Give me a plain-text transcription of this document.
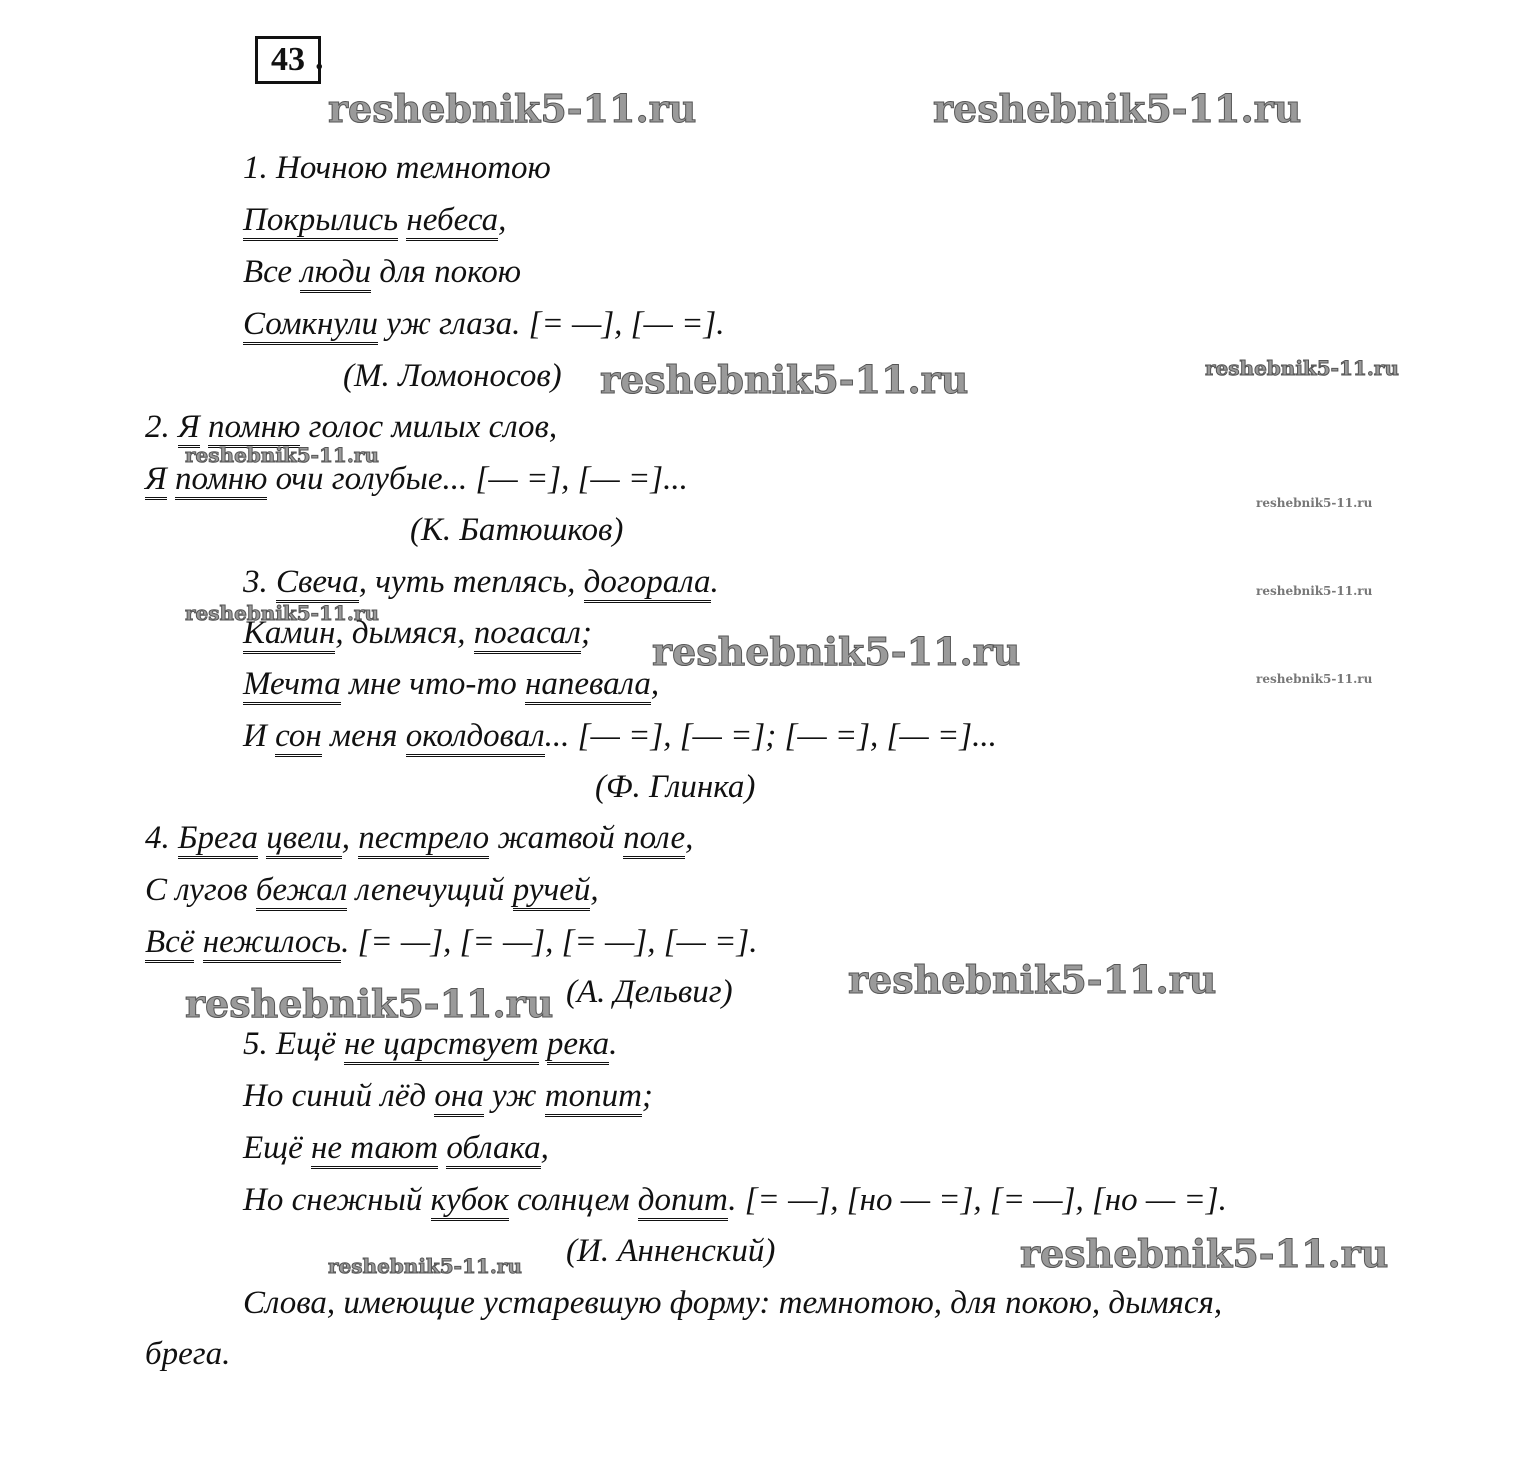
43 .
1. Ночною темнотою
Покрылись небеса,
Все люди для покою
Сомкнули уж глаза. [= —], [— =].
(М. Ломоносов)
2. Я помню голос милых слов,
Я помню очи голубые... [— =], [— =]...
(К. Батюшков)
3. Свеча, чуть теплясь, догорала.
Камин, дымяся, погасал;
Мечта мне что-то напевала,
И сон меня околдовал... [— =], [— =]; [— =], [— =]...
(Ф. Глинка)
4. Брега цвели, пестрело жатвой поле,
С лугов бежал лепечущий ручей,
Всё нежилось. [= —], [= —], [= —], [— =].
(А. Дельвиг)
5. Ещё не царствует река.
Но синий лёд она уж топит;
Ещё не тают облака,
Но снежный кубок солнцем допит. [= —], [но — =], [= —], [но — =].
(И. Анненский)
Слова, имеющие устаревшую форму: темнотою, для покою, дымяся,
брега.
reshebnik5-11.ru	reshebnik5-11.ru
reshebnik5-11.ru	reshebnik5-11.ru
reshebnik5-11.ru
reshebnik5-11.ru
reshebnik5-11.ru
reshebnik5-11.ru
reshebnik5-11.ru
reshebnik5-11.ru
reshebnik5-11.ru
reshebnik5-11.ru
reshebnik5-11.ru
reshebnik5-11.ru
